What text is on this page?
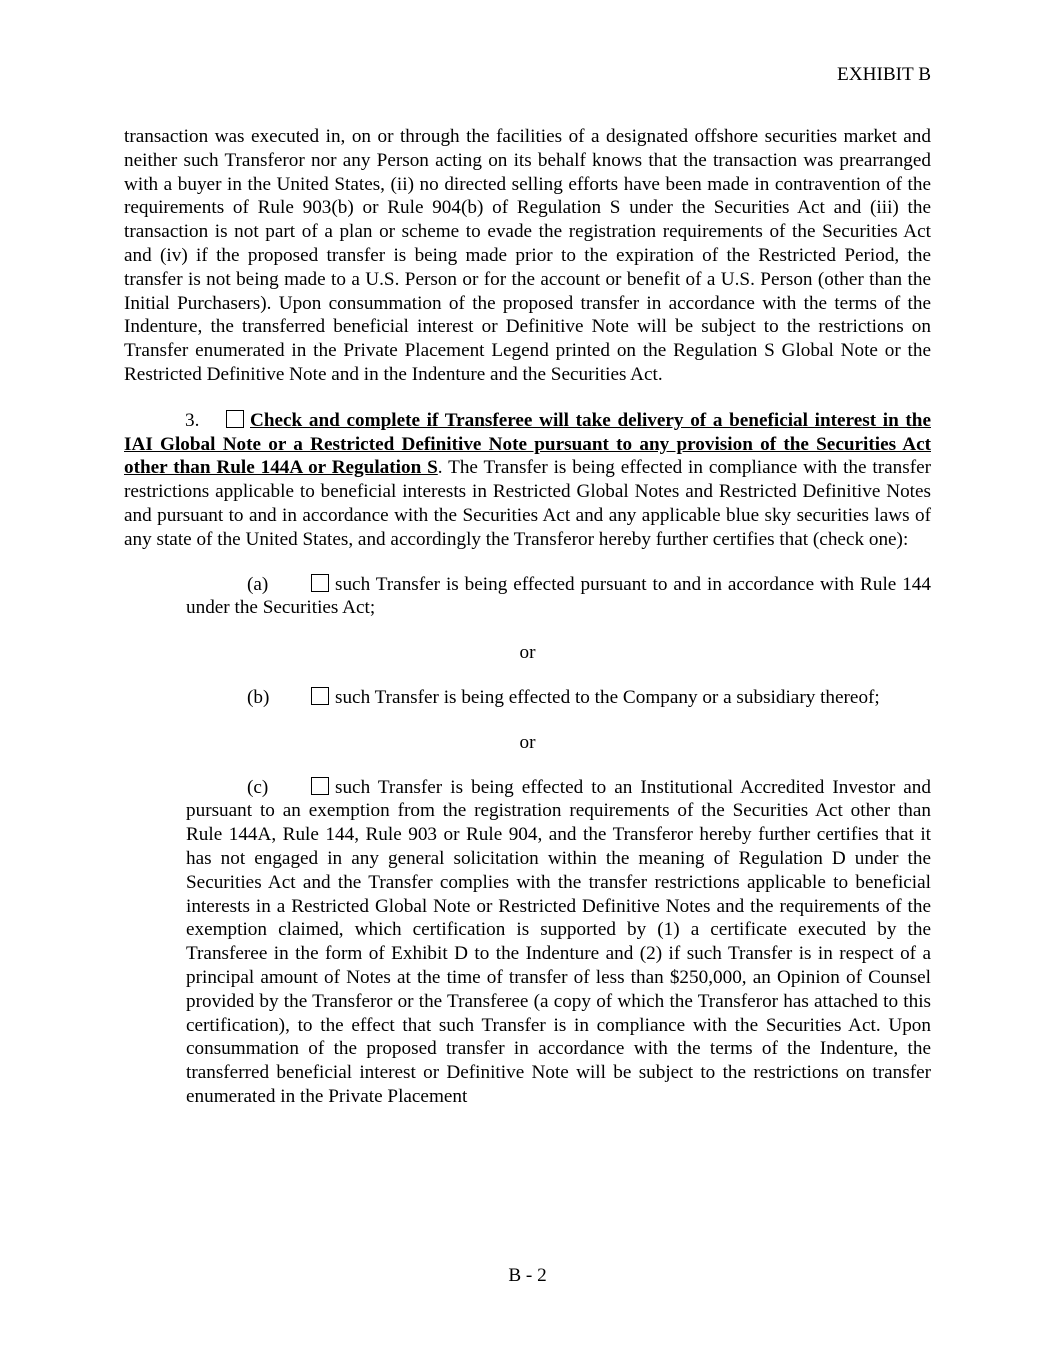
EXHIBIT B

transaction was executed in, on or through the facilities of a designated offshore securities market and neither such Transferor nor any Person acting on its behalf knows that the transaction was prearranged with a buyer in the United States, (ii) no directed selling efforts have been made in contravention of the requirements of Rule 903(b) or Rule 904(b) of Regulation S under the Securities Act and (iii) the transaction is not part of a plan or scheme to evade the registration requirements of the Securities Act and (iv) if the proposed transfer is being made prior to the expiration of the Restricted Period, the transfer is not being made to a U.S. Person or for the account or benefit of a U.S. Person (other than the Initial Purchasers). Upon consummation of the proposed transfer in accordance with the terms of the Indenture, the transferred beneficial interest or Definitive Note will be subject to the restrictions on Transfer enumerated in the Private Placement Legend printed on the Regulation S Global Note or the Restricted Definitive Note and in the Indenture and the Securities Act.

3.	Check and complete if Transferee will take delivery of a beneficial interest in the IAI Global Note or a Restricted Definitive Note pursuant to any provision of the Securities Act other than Rule 144A or Regulation S. The Transfer is being effected in compliance with the transfer restrictions applicable to beneficial interests in Restricted Global Notes and Restricted Definitive Notes and pursuant to and in accordance with the Securities Act and any applicable blue sky securities laws of any state of the United States, and accordingly the Transferor hereby further certifies that (check one):

(a)	such Transfer is being effected pursuant to and in accordance with Rule 144 under the Securities Act;

or

(b)	such Transfer is being effected to the Company or a subsidiary thereof;

or

(c)	such Transfer is being effected to an Institutional Accredited Investor and pursuant to an exemption from the registration requirements of the Securities Act other than Rule 144A, Rule 144, Rule 903 or Rule 904, and the Transferor hereby further certifies that it has not engaged in any general solicitation within the meaning of Regulation D under the Securities Act and the Transfer complies with the transfer restrictions applicable to beneficial interests in a Restricted Global Note or Restricted Definitive Notes and the requirements of the exemption claimed, which certification is supported by (1) a certificate executed by the Transferee in the form of Exhibit D to the Indenture and (2) if such Transfer is in respect of a principal amount of Notes at the time of transfer of less than $250,000, an Opinion of Counsel provided by the Transferor or the Transferee (a copy of which the Transferor has attached to this certification), to the effect that such Transfer is in compliance with the Securities Act. Upon consummation of the proposed transfer in accordance with the terms of the Indenture, the transferred beneficial interest or Definitive Note will be subject to the restrictions on transfer enumerated in the Private Placement

B - 2
